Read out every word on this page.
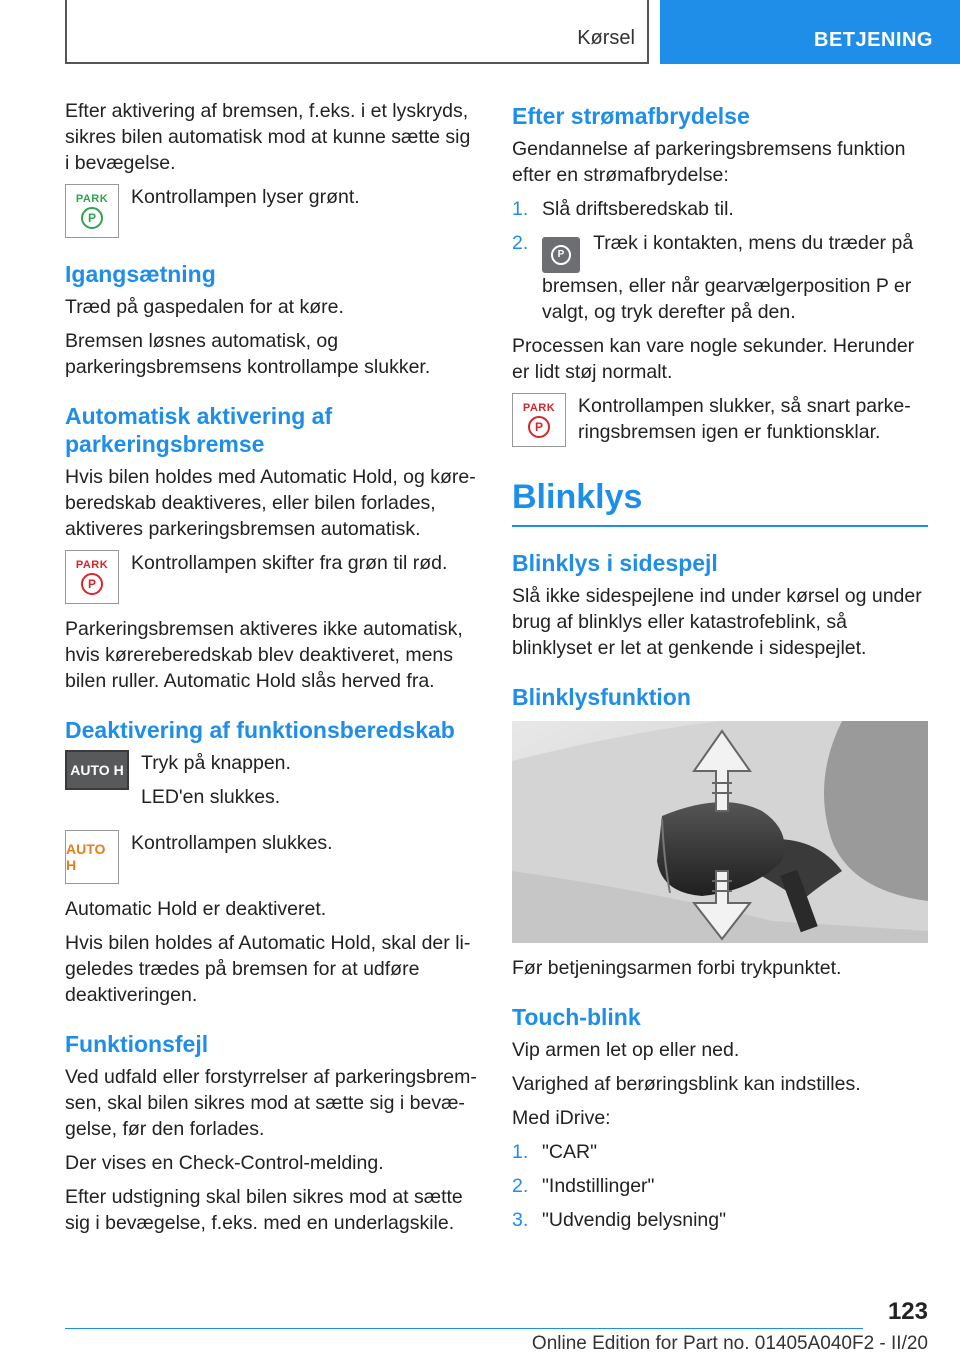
Kørsel	BETJENING

Efter aktivering af bremsen, f.eks. i et lyskryds, sikres bilen automatisk mod at kunne sætte sig i bevægelse.

PARK
P

Kontrollampen lyser grønt.

Igangsætning

Træd på gaspedalen for at køre.

Bremsen løsnes automatisk, og parkeringsbremsens kontrollampe slukker.

Automatisk aktivering af parkeringsbremse

Hvis bilen holdes med Automatic Hold, og køreberedskab deaktiveres, eller bilen forlades, aktiveres parkeringsbremsen automatisk.

PARK
P

Kontrollampen skifter fra grøn til rød.

Parkeringsbremsen aktiveres ikke automatisk, hvis kørereberedskab blev deaktiveret, mens bilen ruller. Automatic Hold slås herved fra.

Deaktivering af funktionsberedskab
AUTO H Tryk på knappen.

LED'en slukkes.

AUTO H

Kontrollampen slukkes.

Automatic Hold er deaktiveret.

Hvis bilen holdes af Automatic Hold, skal der ligeledes trædes på bremsen for at udføre deaktiveringen.

Funktionsfejl

Ved udfald eller forstyrrelser af parkeringsbremsen, skal bilen sikres mod at sætte sig i bevægelse, før den forlades.

Der vises en Check-Control-melding.

Efter udstigning skal bilen sikres mod at sætte sig i bevægelse, f.eks. med en underlagskile.

Efter strømafbrydelse

Gendannelse af parkeringsbremsens funktion efter en strømafbrydelse:

1. Slå driftsberedskab til.
2.
P
Træk i kontakten, mens du træder på bremsen, eller når gearvælgerposition P er valgt, og tryk derefter på den.

Processen kan vare nogle sekunder. Herunder er lidt støj normalt.

PARK
P

Kontrollampen slukker, så snart parkeringsbremsen igen er funktionsklar.

Blinklys
Blinklys i sidespejl

Slå ikke sidespejlene ind under kørsel og under brug af blinklys eller katastrofeblink, så blinklyset er let at genkende i sidespejlet.

Blinklysfunktion

Før betjeningsarmen forbi trykpunktet.

Touch-blink

Vip armen let op eller ned.

Varighed af berøringsblink kan indstilles.

Med iDrive:

1. "CAR"
2. "Indstillinger"
3. "Udvendig belysning"
123
Online Edition for Part no. 01405A040F2 - II/20
